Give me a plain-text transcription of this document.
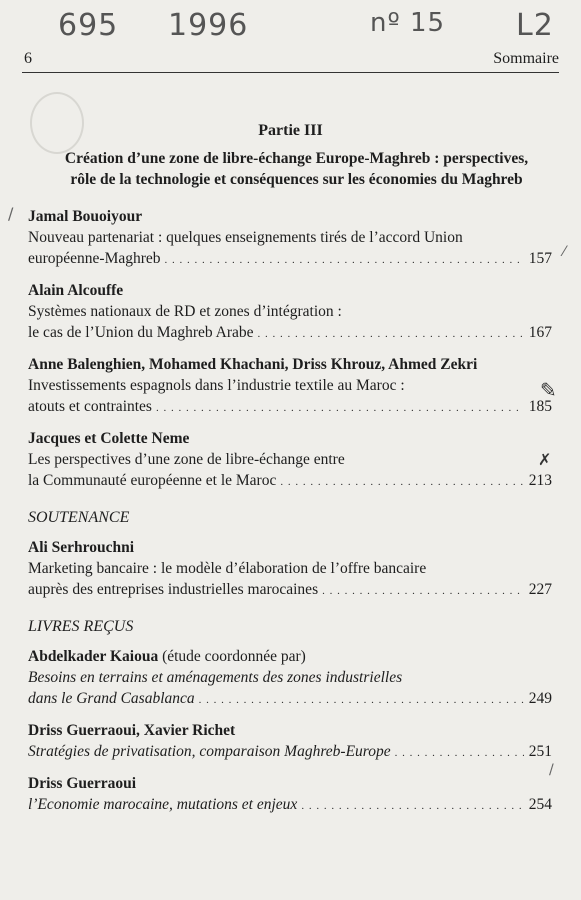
695 1996	nº 15 L2
6	Sommaire
Partie III
Création d’une zone de libre-échange Europe-Maghreb : perspectives,
rôle de la technologie et conséquences sur les économies du Maghreb
Jamal Bouoiyour
Nouveau partenariat : quelques enseignements tirés de l’accord Union
européenne-Maghreb . . .	157
Alain Alcouffe
Systèmes nationaux de RD et zones d’intégration :
le cas de l’Union du Maghreb Arabe . . .	167
Anne Balenghien, Mohamed Khachani, Driss Khrouz, Ahmed Zekri
Investissements espagnols dans l’industrie textile au Maroc :
atouts et contraintes . . .	185
Jacques et Colette Neme
Les perspectives d’une zone de libre-échange entre
la Communauté européenne et le Maroc . . .	213
SOUTENANCE
Ali Serhrouchni
Marketing bancaire : le modèle d’élaboration de l’offre bancaire
auprès des entreprises industrielles marocaines . . .	227
LIVRES REÇUS
Abdelkader Kaioua (étude coordonnée par)
Besoins en terrains et aménagements des zones industrielles
dans le Grand Casablanca . . .	249
Driss Guerraoui, Xavier Richet
Stratégies de privatisation, comparaison Maghreb-Europe . . .	251
Driss Guerraoui
l’Economie marocaine, mutations et enjeux . . .	254
/
⁄
✎
✗
/
